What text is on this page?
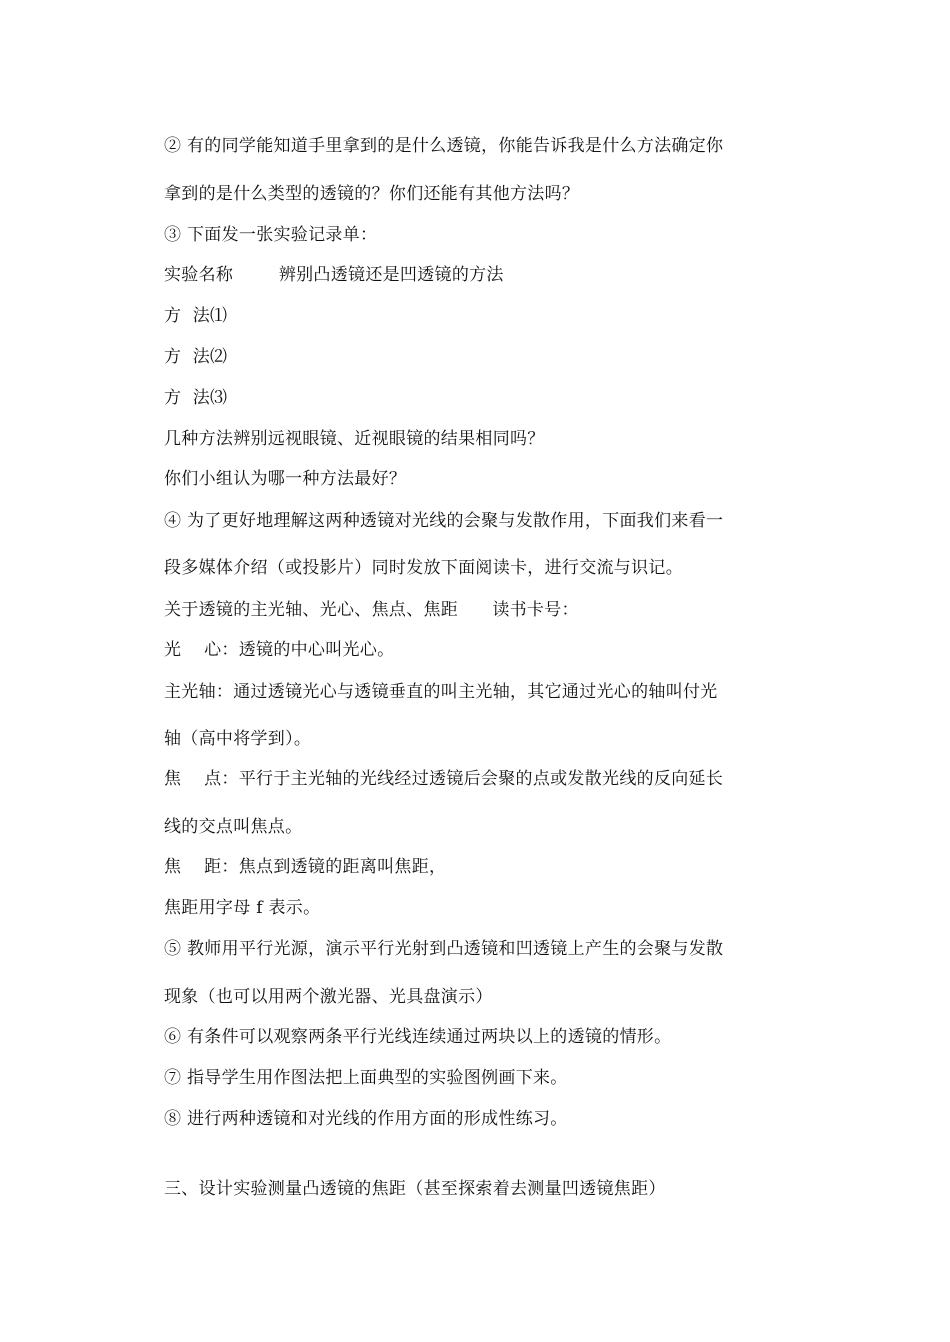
② 有的同学能知道手里拿到的是什么透镜，你能告诉我是什么方法确定你
拿到的是什么类型的透镜的？你们还能有其他方法吗？
③ 下面发一张实验记录单：
实验名称        辨别凸透镜还是凹透镜的方法
方  法⑴
方  法⑵
方  法⑶
几种方法辨别远视眼镜、近视眼镜的结果相同吗？
你们小组认为哪一种方法最好？
④ 为了更好地理解这两种透镜对光线的会聚与发散作用，下面我们来看一
段多媒体介绍（或投影片）同时发放下面阅读卡，进行交流与识记。
关于透镜的主光轴、光心、焦点、焦距      读书卡号：
光    心：透镜的中心叫光心。
主光轴：通过透镜光心与透镜垂直的叫主光轴，其它通过光心的轴叫付光
轴（高中将学到）。
焦    点：平行于主光轴的光线经过透镜后会聚的点或发散光线的反向延长
线的交点叫焦点。
焦    距：焦点到透镜的距离叫焦距，
焦距用字母 f 表示。
⑤ 教师用平行光源，演示平行光射到凸透镜和凹透镜上产生的会聚与发散
现象（也可以用两个激光器、光具盘演示）
⑥ 有条件可以观察两条平行光线连续通过两块以上的透镜的情形。
⑦ 指导学生用作图法把上面典型的实验图例画下来。
⑧ 进行两种透镜和对光线的作用方面的形成性练习。
三、设计实验测量凸透镜的焦距（甚至探索着去测量凹透镜焦距）
